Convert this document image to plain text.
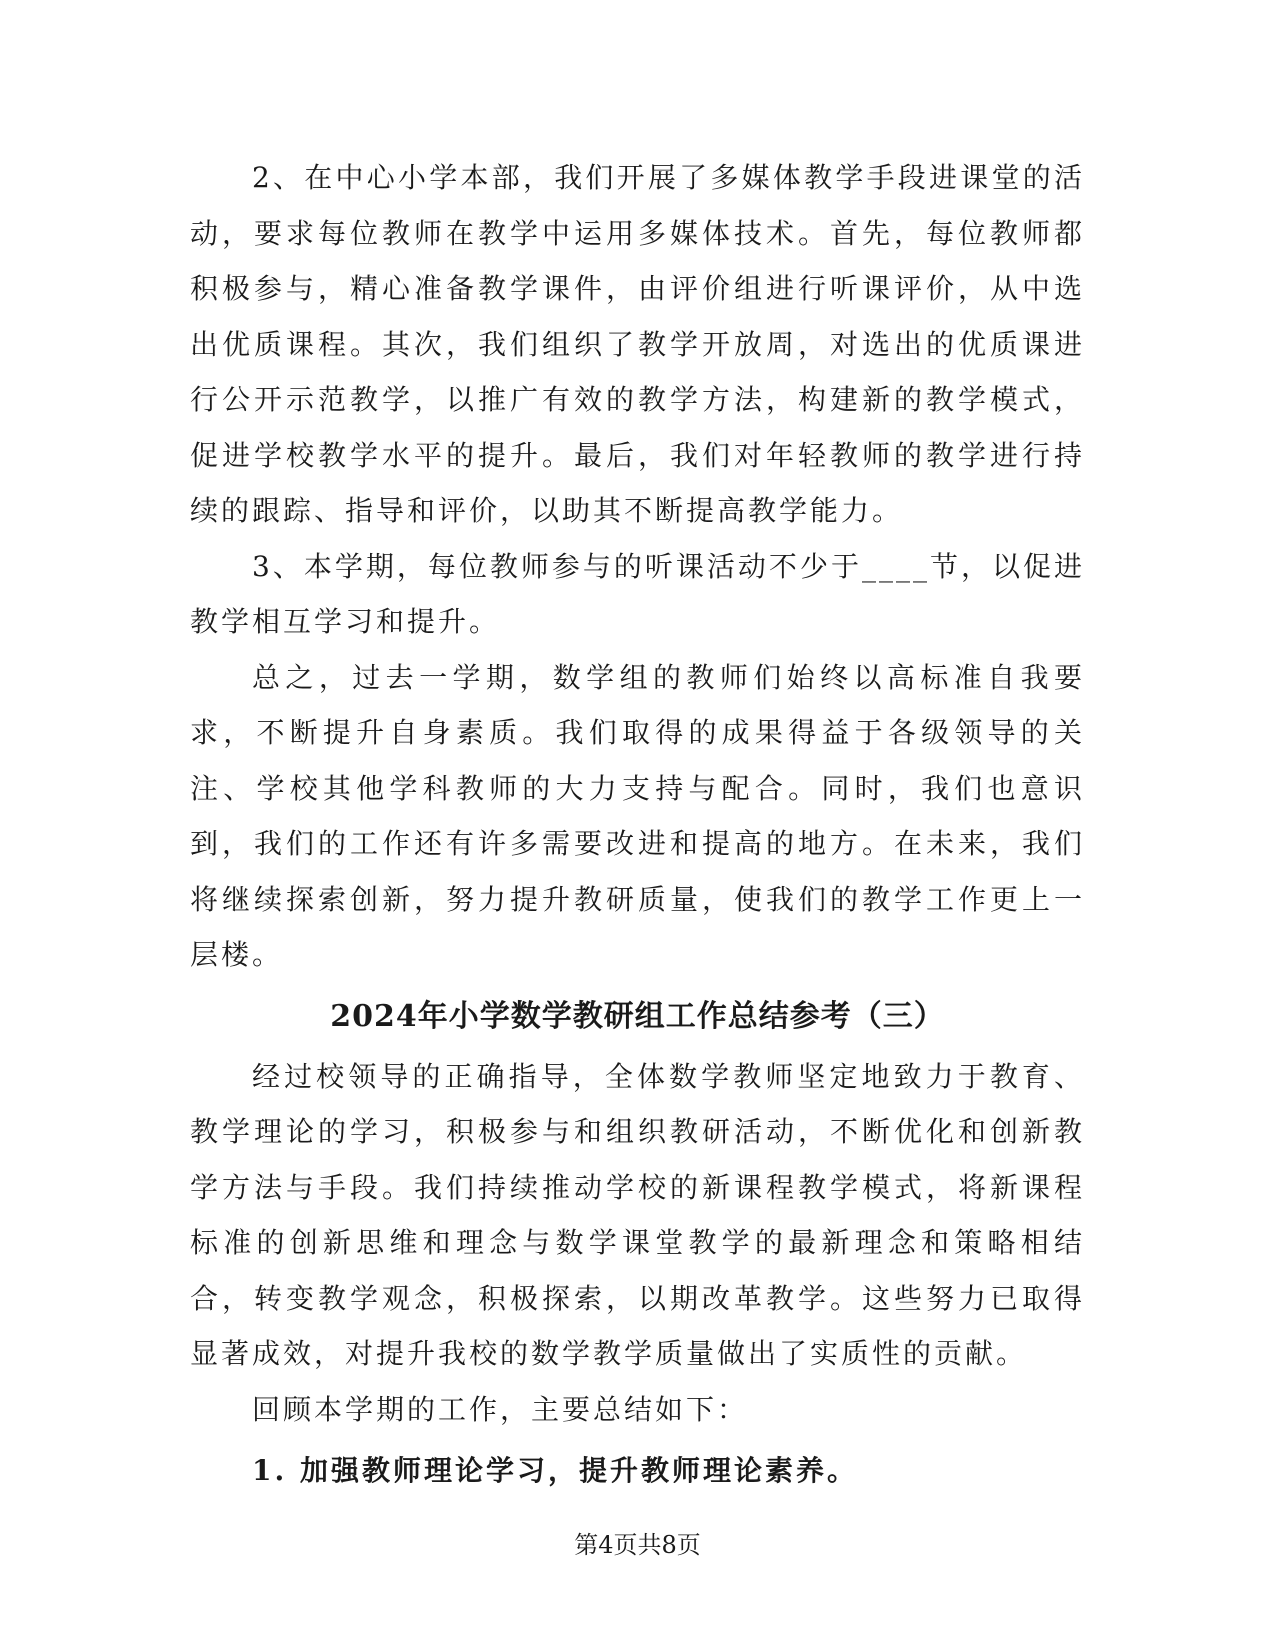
2、在中心小学本部，我们开展了多媒体教学手段进课堂的活动，要求每位教师在教学中运用多媒体技术。首先，每位教师都积极参与，精心准备教学课件，由评价组进行听课评价，从中选出优质课程。其次，我们组织了教学开放周，对选出的优质课进行公开示范教学，以推广有效的教学方法，构建新的教学模式，促进学校教学水平的提升。最后，我们对年轻教师的教学进行持续的跟踪、指导和评价，以助其不断提高教学能力。

3、本学期，每位教师参与的听课活动不少于____节，以促进教学相互学习和提升。

总之，过去一学期，数学组的教师们始终以高标准自我要求，不断提升自身素质。我们取得的成果得益于各级领导的关注、学校其他学科教师的大力支持与配合。同时，我们也意识到，我们的工作还有许多需要改进和提高的地方。在未来，我们将继续探索创新，努力提升教研质量，使我们的教学工作更上一层楼。

2024年小学数学教研组工作总结参考（三）

经过校领导的正确指导，全体数学教师坚定地致力于教育、教学理论的学习，积极参与和组织教研活动，不断优化和创新教学方法与手段。我们持续推动学校的新课程教学模式，将新课程标准的创新思维和理念与数学课堂教学的最新理念和策略相结合，转变教学观念，积极探索，以期改革教学。这些努力已取得显著成效，对提升我校的数学教学质量做出了实质性的贡献。

回顾本学期的工作，主要总结如下：

1. 加强教师理论学习，提升教师理论素养。

第4页共8页
